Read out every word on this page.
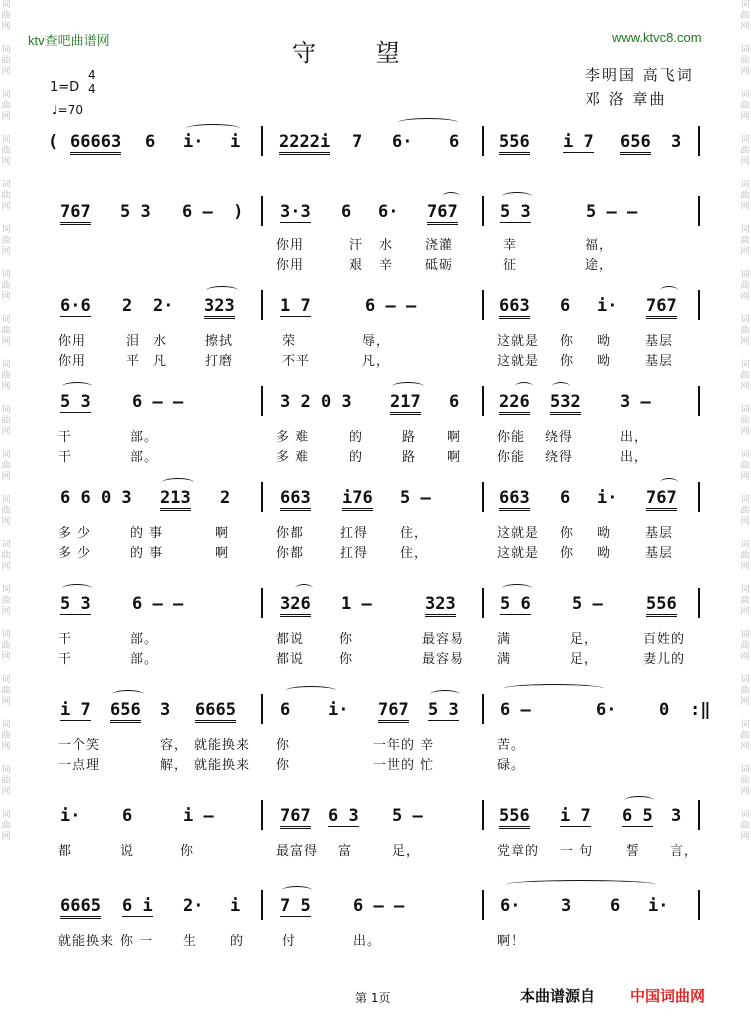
词
曲
网
词
曲
网
词
曲
网
词
曲
网
词
曲
网
词
曲
网
词
曲
网
词
曲
网
词
曲
网
词
曲
网
词
曲
网
词
曲
网
词
曲
网
词
曲
网
词
曲
网
词
曲
网
词
曲
网
词
曲
网
词
曲
网
词
曲
网
词
曲
网
词
曲
网
词
曲
网
词
曲
网
词
曲
网
词
曲
网
词
曲
网
词
曲
网
词
曲
网
词
曲
网
词
曲
网
词
曲
网
词
曲
网
词
曲
网
词
曲
网
词
曲
网
词
曲
网
词
曲
网
ktv查吧曲谱网	www.ktvc8.com
守 望
李明国 高飞词
邓 洛 章曲
1=D
4
4
♩=70
( 66663 6 i· i 2222i 7 6· 6 556 i 7 656 3
767 5 3 6 –  ) 3·3 6 6· 767 5 3	5 – –
你用	汗 水 浇灌	幸	福，
你用	艰 辛 砥砺	征	途，
6·6 2 2· 323	1 7	6 – –	663 6 i· 767
你用	泪 水	擦拭	荣	辱，	这就是 你 呦	基层
你用	平 凡	打磨	不平	凡，	这就是 你 呦	基层
5 3 6 – –	3 2 0 3 217 6 226 532 3 –
干	部。	多 难	的	路 啊	你能 绕得	出，
干	部。	多 难	的	路 啊	你能 绕得	出，
6 6 0 3 213 2	663 i76 5 –	663 6 i· 767
多 少	的 事	啊	你都	扛得 住，	这就是 你 呦	基层
多 少	的 事	啊	你都	扛得 住，	这就是 你 呦	基层
5 3 6 – –	326 1 –	323	5 6 5 –	556
干	部。	都说	你	最容易	满	足，	百姓的
干	部。	都说	你	最容易	满	足，	妻儿的
i 7 656 3 6665	6 i· 767 5 3 6 –	6·	0 :‖
一个笑	容， 就能换来 你	一年的 辛	苦。
一点理	解， 就能换来 你	一世的 忙	碌。
i· 6	i –	767 6 3 5 –	556 i 7 6 5 3
都	说	你	最富得 富	足，	党章的 一 句	誓 言，
6665 6 i 2· i 7 5 6 – –	6· 3 6 i·
就能换来 你 一 生	的	付	出。	啊！
第 1页	本曲谱源自 中国词曲网
